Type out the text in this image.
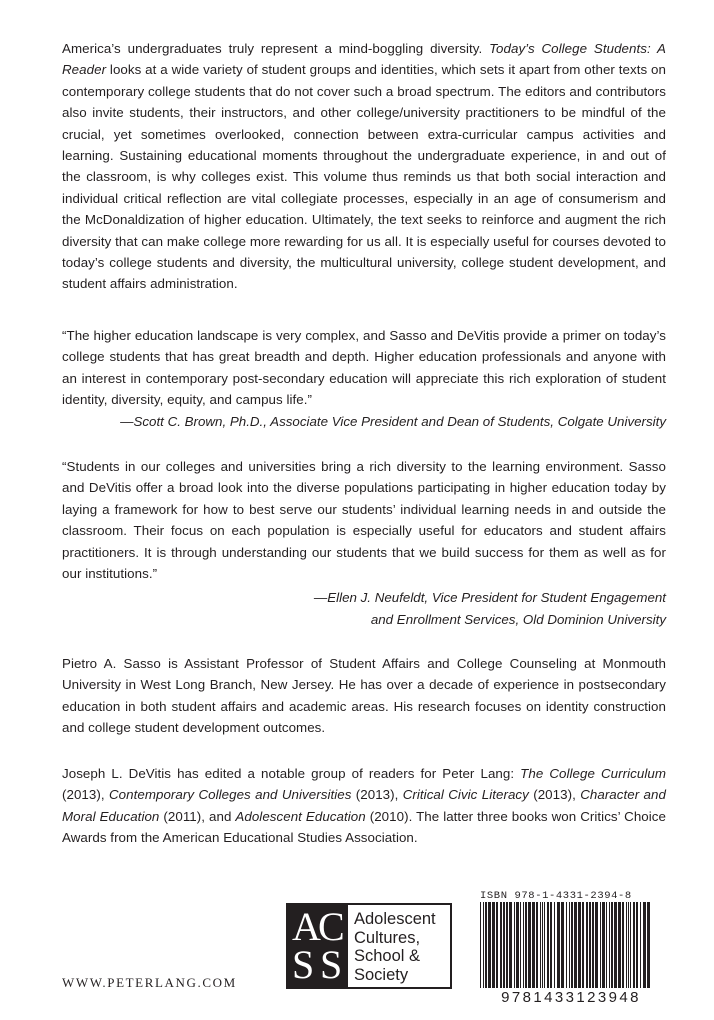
America’s undergraduates truly represent a mind-boggling diversity. Today’s College Students: A Reader looks at a wide variety of student groups and identities, which sets it apart from other texts on contemporary college students that do not cover such a broad spectrum. The editors and contributors also invite students, their instructors, and other college/university practitioners to be mindful of the crucial, yet sometimes overlooked, connection between extra-curricular campus activities and learning. Sustaining educational moments throughout the undergraduate experience, in and out of the classroom, is why colleges exist. This volume thus reminds us that both social interaction and individual critical reflection are vital collegiate processes, especially in an age of consumerism and the McDonaldization of higher education. Ultimately, the text seeks to reinforce and augment the rich diversity that can make college more rewarding for us all. It is especially useful for courses devoted to today’s college students and diversity, the multicultural university, college student development, and student affairs administration.

“The higher education landscape is very complex, and Sasso and DeVitis provide a primer on today’s college students that has great breadth and depth. Higher education professionals and anyone with an interest in contemporary post-secondary education will appreciate this rich exploration of student identity, diversity, equity, and campus life.”

—Scott C. Brown, Ph.D., Associate Vice President and Dean of Students, Colgate University

“Students in our colleges and universities bring a rich diversity to the learning environment. Sasso and DeVitis offer a broad look into the diverse populations participating in higher education today by laying a framework for how to best serve our students’ individual learning needs in and outside the classroom. Their focus on each population is especially useful for educators and student affairs practitioners. It is through understanding our students that we build success for them as well as for our institutions.”

—Ellen J. Neufeldt, Vice President for Student Engagement

and Enrollment Services, Old Dominion University

Pietro A. Sasso is Assistant Professor of Student Affairs and College Counseling at Monmouth University in West Long Branch, New Jersey. He has over a decade of experience in postsecondary education in both student affairs and academic areas. His research focuses on identity construction and college student development outcomes.

Joseph L. DeVitis has edited a notable group of readers for Peter Lang: The College Curriculum (2013), Contemporary Colleges and Universities (2013), Critical Civic Literacy (2013), Character and Moral Education (2011), and Adolescent Education (2010). The latter three books won Critics’ Choice Awards from the American Educational Studies Association.

WWW.PETERLANG.COM
A
C
S S
Adolescent
Cultures,
School &
Society
ISBN 978-1-4331-2394-8
9781433123948
